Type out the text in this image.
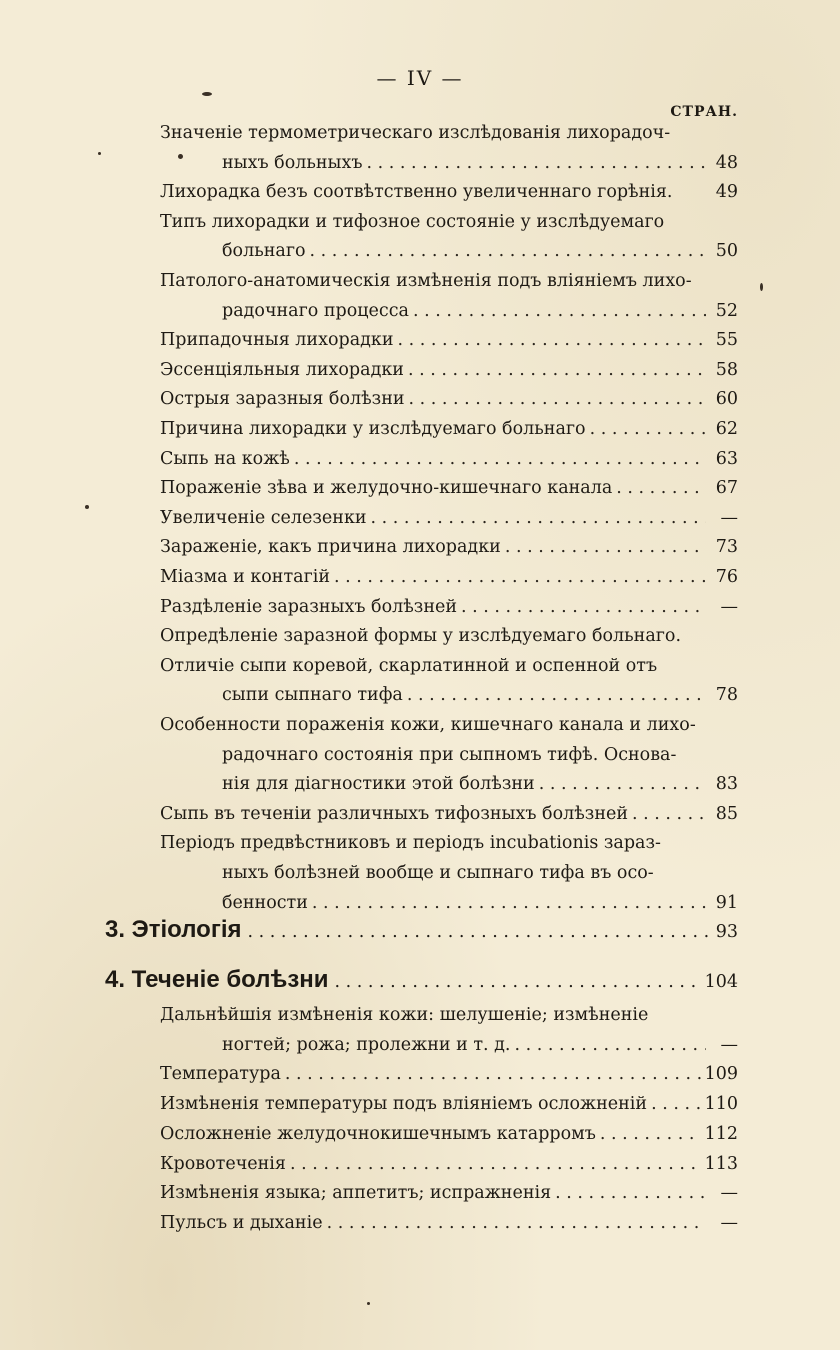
— IV —
СТРАН.
Значеніе термометрическаго изслѣдованія лихорадоч-
ныхъ больныхъ . . .	48
Лихорадка безъ соотвѣтственно увеличеннаго горѣнія.	49
Типъ лихорадки и тифозное состояніе у изслѣдуемаго
больнаго . . .	50
Патолого-анатомическія измѣненія подъ вліяніемъ лихо-
радочнаго процесса . . .	52
Припадочныя лихорадки . . .	55
Эссенціяльныя лихорадки . . .	58
Острыя заразныя болѣзни . . .	60
Причина лихорадки у изслѣдуемаго больнаго . . .	62
Сыпь на кожѣ . . .	63
Пораженіе зѣва и желудочно-кишечнаго канала . . .	67
Увеличеніе селезенки . . .	—
Зараженіе, какъ причина лихорадки . . .	73
Міазма и контагій . . .	76
Раздѣленіе заразныхъ болѣзней . . .	—
Опредѣленіе заразной формы у изслѣдуемаго больнаго.
Отличіе сыпи коревой, скарлатинной и оспенной отъ
сыпи сыпнаго тифа . . .	78
Особенности пораженія кожи, кишечнаго канала и лихо-
радочнаго состоянія при сыпномъ тифѣ. Основа-
нія для діагностики этой болѣзни . . .	83
Сыпь въ теченіи различныхъ тифозныхъ болѣзней . . .	85
Періодъ предвѣстниковъ и періодъ incubationis зараз-
ныхъ болѣзней вообще и сыпнаго тифа въ осо-
бенности . . .	91
3. Этіологія . . .	93
4. Теченіе болѣзни . . .	104
Дальнѣйшія измѣненія кожи: шелушеніе; измѣненіе
ногтей; рожа; пролежни и т. д. . . .	—
Температура . . .	109
Измѣненія температуры подъ вліяніемъ осложненій . . .	110
Осложненіе желудочнокишечнымъ катарромъ . . .	112
Кровотеченія . . .	113
Измѣненія языка; аппетитъ; испражненія . . .	—
Пульсъ и дыханіе . . .	—
